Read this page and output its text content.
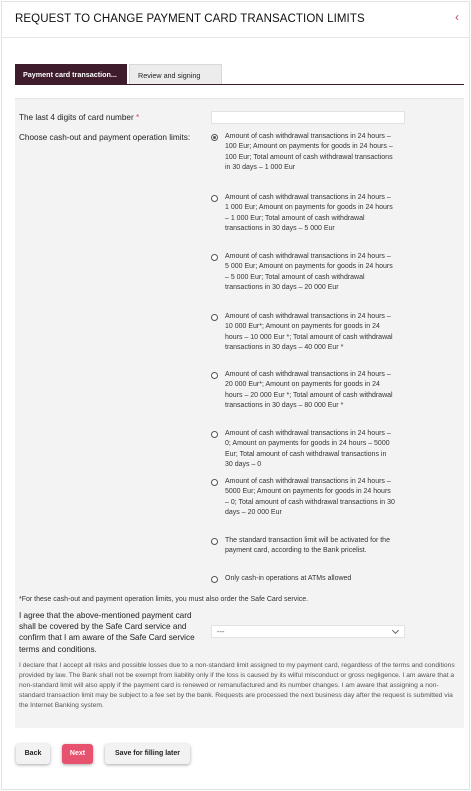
REQUEST TO CHANGE PAYMENT CARD TRANSACTION LIMITS	‹
Payment card transaction...	Review and signing
The last 4 digits of card number *
Choose cash-out and payment operation limits:	Amount of cash withdrawal transactions in 24 hours – 100 Eur; Amount on payments for goods in 24 hours – 100 Eur; Total amount of cash withdrawal transactions in 30 days – 1 000 Eur
Amount of cash withdrawal transactions in 24 hours – 1 000 Eur; Amount on payments for goods in 24 hours – 1 000 Eur; Total amount of cash withdrawal transactions in 30 days – 5 000 Eur
Amount of cash withdrawal transactions in 24 hours – 5 000 Eur; Amount on payments for goods in 24 hours – 5 000 Eur; Total amount of cash withdrawal transactions in 30 days – 20 000 Eur
Amount of cash withdrawal transactions in 24 hours – 10 000 Eur*; Amount on payments for goods in 24 hours – 10 000 Eur *; Total amount of cash withdrawal transactions in 30 days – 40 000 Eur *
Amount of cash withdrawal transactions in 24 hours – 20 000 Eur*; Amount on payments for goods in 24 hours – 20 000 Eur *; Total amount of cash withdrawal transactions in 30 days – 80 000 Eur *
Amount of cash withdrawal transactions in 24 hours – 0; Amount on payments for goods in 24 hours – 5000 Eur; Total amount of cash withdrawal transactions in 30 days – 0
Amount of cash withdrawal transactions in 24 hours – 5000 Eur; Amount on payments for goods in 24 hours – 0; Total amount of cash withdrawal transactions in 30 days – 20 000 Eur
The standard transaction limit will be activated for the payment card, according to the Bank pricelist.
Only cash-in operations at ATMs allowed
*For these cash-out and payment operation limits, you must also order the Safe Card service.
I agree that the above-mentioned payment card shall be covered by the Safe Card service and confirm that I am aware of the Safe Card service terms and conditions.
---
I declare that I accept all risks and possible losses due to a non-standard limit assigned to my payment card, regardless of the terms and conditions provided by law. The Bank shall not be exempt from liability only if the loss is caused by its wilful misconduct or gross negligence. I am aware that a non-standard limit will also apply if the payment card is renewed or remanufactured and its number changes. I am aware that assigning a non-standard transaction limit may be subject to a fee set by the bank. Requests are processed the next business day after the request is submitted via the Internet Banking system.
Back	Next	Save for filling later
